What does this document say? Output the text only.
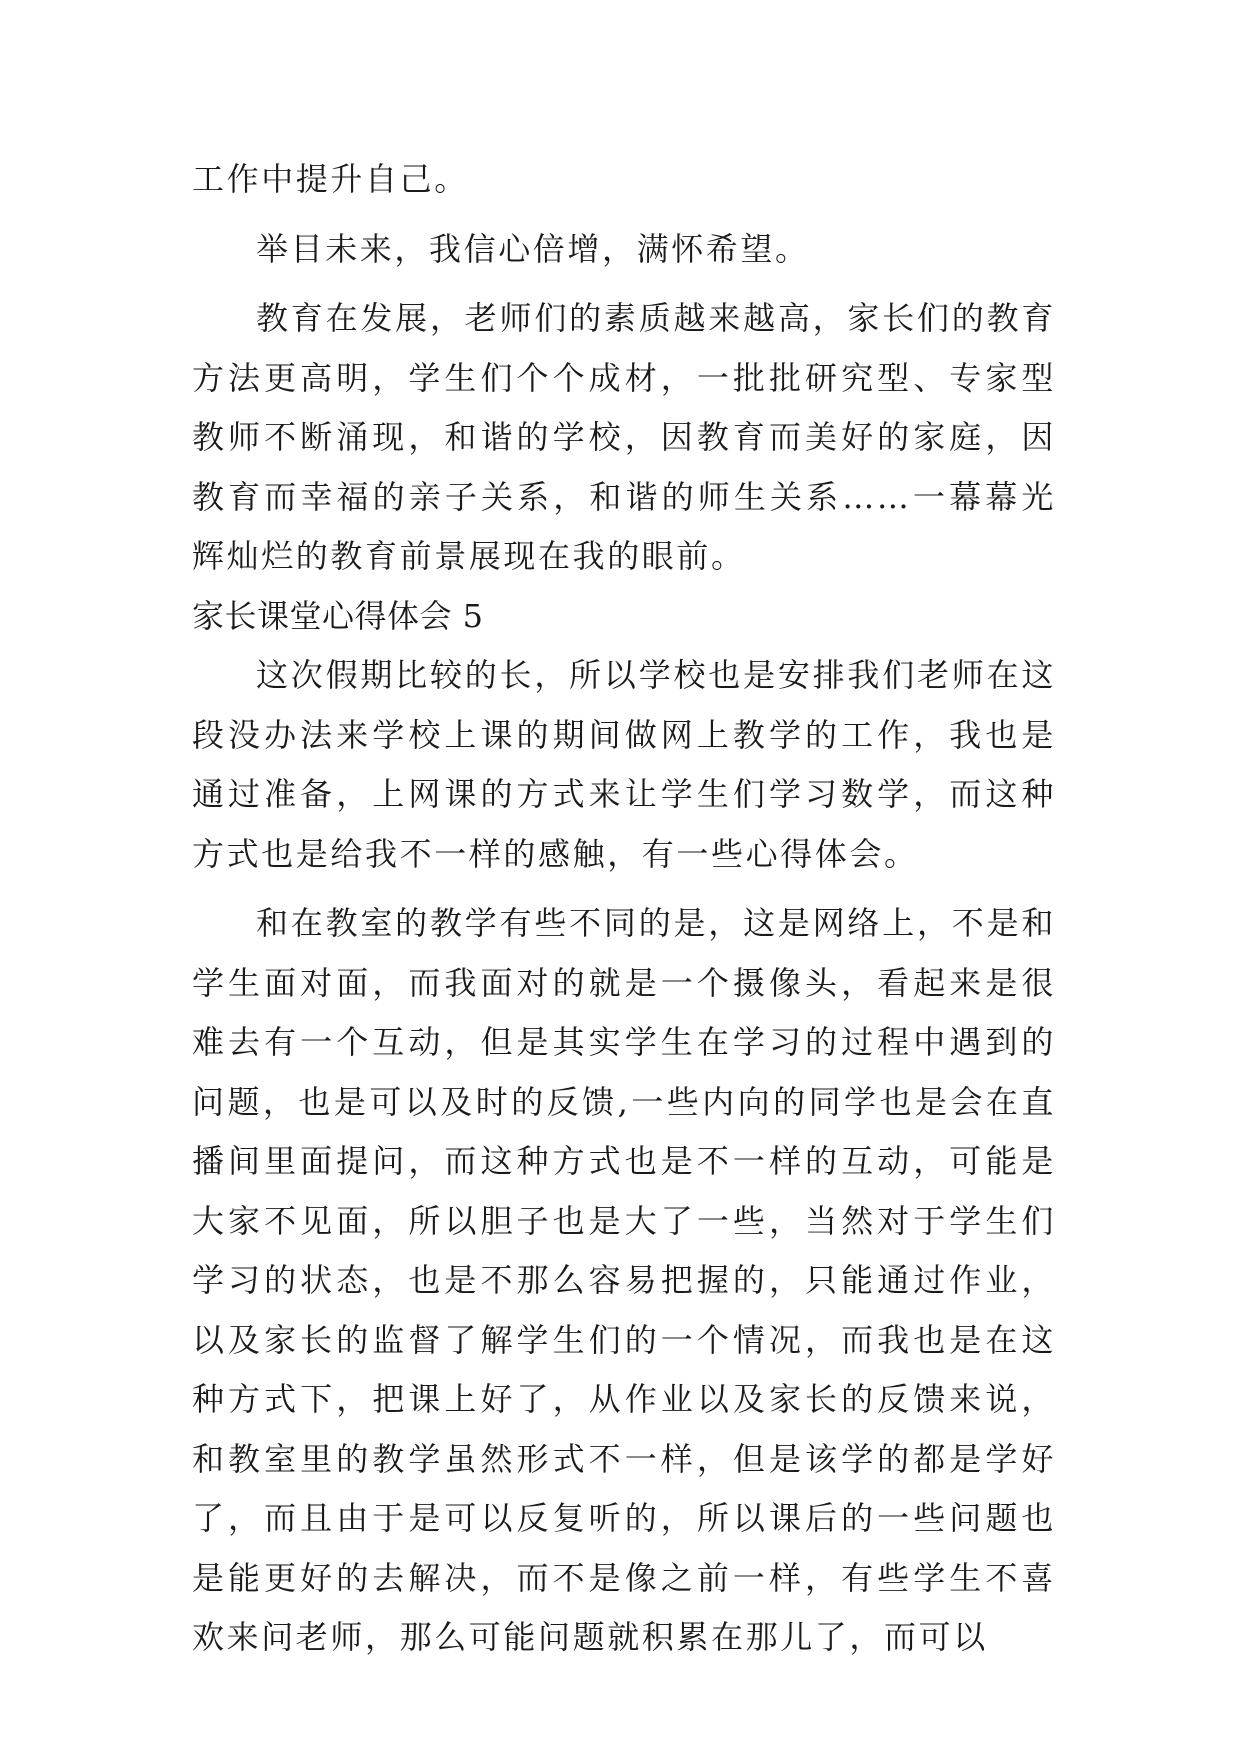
工作中提升自己。

举目未来，我信心倍增，满怀希望。

教育在发展，老师们的素质越来越高，家长们的教育方法更高明，学生们个个成材，一批批研究型、专家型教师不断涌现，和谐的学校，因教育而美好的家庭，因教育而幸福的亲子关系，和谐的师生关系……一幕幕光辉灿烂的教育前景展现在我的眼前。

家长课堂心得体会 5

这次假期比较的长，所以学校也是安排我们老师在这段没办法来学校上课的期间做网上教学的工作，我也是通过准备，上网课的方式来让学生们学习数学，而这种方式也是给我不一样的感触，有一些心得体会。

和在教室的教学有些不同的是，这是网络上，不是和学生面对面，而我面对的就是一个摄像头，看起来是很难去有一个互动，但是其实学生在学习的过程中遇到的问题，也是可以及时的反馈,一些内向的同学也是会在直播间里面提问，而这种方式也是不一样的互动，可能是大家不见面，所以胆子也是大了一些，当然对于学生们学习的状态，也是不那么容易把握的，只能通过作业，以及家长的监督了解学生们的一个情况，而我也是在这种方式下，把课上好了，从作业以及家长的反馈来说，和教室里的教学虽然形式不一样，但是该学的都是学好了，而且由于是可以反复听的，所以课后的一些问题也是能更好的去解决，而不是像之前一样，有些学生不喜欢来问老师，那么可能问题就积累在那儿了，而可以
